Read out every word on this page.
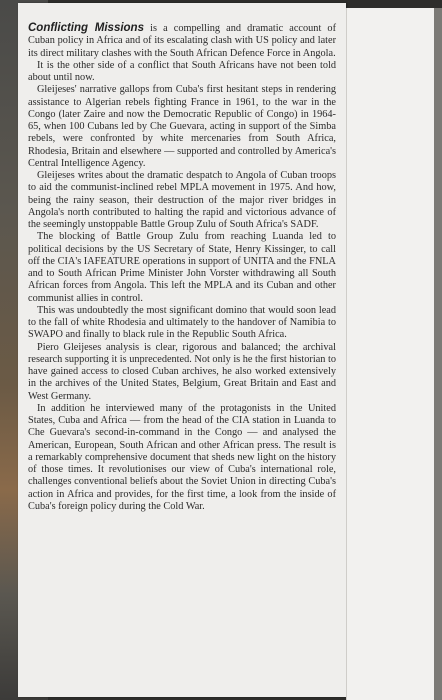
Conflicting Missions is a compelling and dramatic account of Cuban policy in Africa and of its escalating clash with US policy and later its direct military clashes with the South African Defence Force in Angola.

It is the other side of a conflict that South Africans have not been told about until now.

Gleijeses' narrative gallops from Cuba's first hesitant steps in rendering assistance to Algerian rebels fighting France in 1961, to the war in the Congo (later Zaire and now the Democratic Republic of Congo) in 1964-65, when 100 Cubans led by Che Guevara, acting in support of the Simba rebels, were confronted by white mercenaries from South Africa, Rhodesia, Britain and elsewhere — supported and controlled by America's Central Intelligence Agency.

Gleijeses writes about the dramatic despatch to Angola of Cuban troops to aid the communist-inclined rebel MPLA movement in 1975. And how, being the rainy season, their destruction of the major river bridges in Angola's north contributed to halting the rapid and victorious advance of the seemingly unstoppable Battle Group Zulu of South Africa's SADF.

The blocking of Battle Group Zulu from reaching Luanda led to political decisions by the US Secretary of State, Henry Kissinger, to call off the CIA's IAFEATURE operations in support of UNITA and the FNLA and to South African Prime Minister John Vorster withdrawing all South African forces from Angola. This left the MPLA and its Cuban and other communist allies in control.

This was undoubtedly the most significant domino that would soon lead to the fall of white Rhodesia and ultimately to the handover of Namibia to SWAPO and finally to black rule in the Republic South Africa.

Piero Gleijeses analysis is clear, rigorous and balanced; the archival research supporting it is unprecedented. Not only is he the first historian to have gained access to closed Cuban archives, he also worked extensively in the archives of the United States, Belgium, Great Britain and East and West Germany.

In addition he interviewed many of the protagonists in the United States, Cuba and Africa — from the head of the CIA station in Luanda to Che Guevara's second-in-command in the Congo — and analysed the American, European, South African and other African press. The result is a remarkably comprehensive document that sheds new light on the history of those times. It revolutionises our view of Cuba's international role, challenges conventional beliefs about the Soviet Union in directing Cuba's action in Africa and provides, for the first time, a look from the inside of Cuba's foreign policy during the Cold War.
